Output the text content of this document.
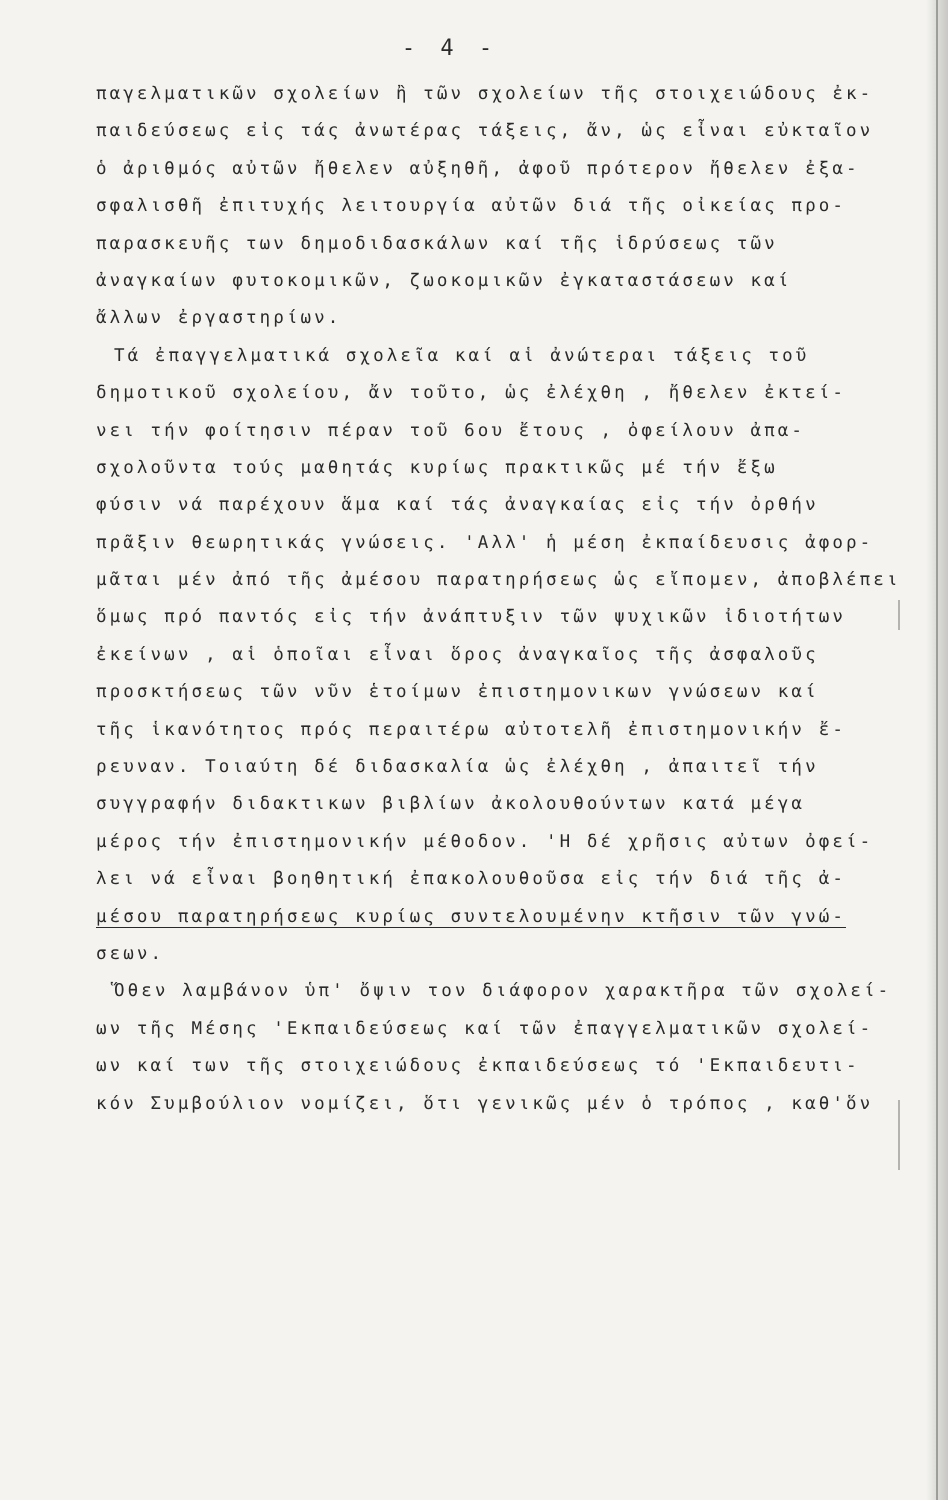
- 4 -
παγελματικῶν σχολείων ἢ τῶν σχολείων τῆς στοιχειώδους ἐκ-
παιδεύσεως εἰς τάς ἀνωτέρας τάξεις, ἄν, ὡς εἶναι εὐκταῖον
ὁ ἀριθμός αὐτῶν ἤθελεν αὐξηθῆ, ἀφοῦ πρότερον ἤθελεν ἐξα-
σφαλισθῆ ἐπιτυχής λειτουργία αὐτῶν διά τῆς οἰκείας προ-
παρασκευῆς των δημοδιδασκάλων καί τῆς ἱδρύσεως τῶν
ἀναγκαίων φυτοκομικῶν, ζωοκομικῶν ἐγκαταστάσεων καί
ἄλλων ἐργαστηρίων.
Τά ἐπαγγελματικά σχολεῖα καί αἱ ἀνώτεραι τάξεις τοῦ
δημοτικοῦ σχολείου, ἄν τοῦτο, ὡς ἐλέχθη , ἤθελεν ἐκτεί-
νει τήν φοίτησιν πέραν τοῦ 6ου ἔτους , ὀφείλουν ἀπα-
σχολοῦντα τούς μαθητάς κυρίως πρακτικῶς μέ τήν ἔξω
φύσιν νά παρέχουν ἅμα καί τάς ἀναγκαίας εἰς τήν ὀρθήν
πρᾶξιν θεωρητικάς γνώσεις. 'Αλλ' ἡ μέση ἐκπαίδευσις ἀφορ-
μᾶται μέν ἀπό τῆς ἀμέσου παρατηρήσεως ὡς εἴπομεν, ἀποβλέπει
ὅμως πρό παντός εἰς τήν ἀνάπτυξιν τῶν ψυχικῶν ἰδιοτήτων
ἐκείνων , αἱ ὁποῖαι εἶναι ὅρος ἀναγκαῖος τῆς ἀσφαλοῦς
προσκτήσεως τῶν νῦν ἑτοίμων ἐπιστημονικων γνώσεων καί
τῆς ἱκανότητος πρός περαιτέρω αὐτοτελῆ ἐπιστημονικήν ἔ-
ρευναν. Τοιαύτη δέ διδασκαλία ὡς ἐλέχθη , ἀπαιτεῖ τήν
συγγραφήν διδακτικων βιβλίων ἀκολουθούντων κατά μέγα
μέρος τήν ἐπιστημονικήν μέθοδον. 'Η δέ χρῆσις αὐτων ὀφεί-
λει νά εἶναι βοηθητική ἐπακολουθοῦσα εἰς τήν διά τῆς ἀ-
μέσου παρατηρήσεως κυρίως συντελουμένην κτῆσιν τῶν γνώ-
σεων.
Ὅθεν λαμβάνον ὑπ' ὄψιν τον διάφορον χαρακτῆρα τῶν σχολεί-
ων τῆς Μέσης 'Εκπαιδεύσεως καί τῶν ἐπαγγελματικῶν σχολεί-
ων καί των τῆς στοιχειώδους ἐκπαιδεύσεως τό 'Εκπαιδευτι-
κόν Συμβούλιον νομίζει, ὅτι γενικῶς μέν ὁ τρόπος , καθ'ὅν
